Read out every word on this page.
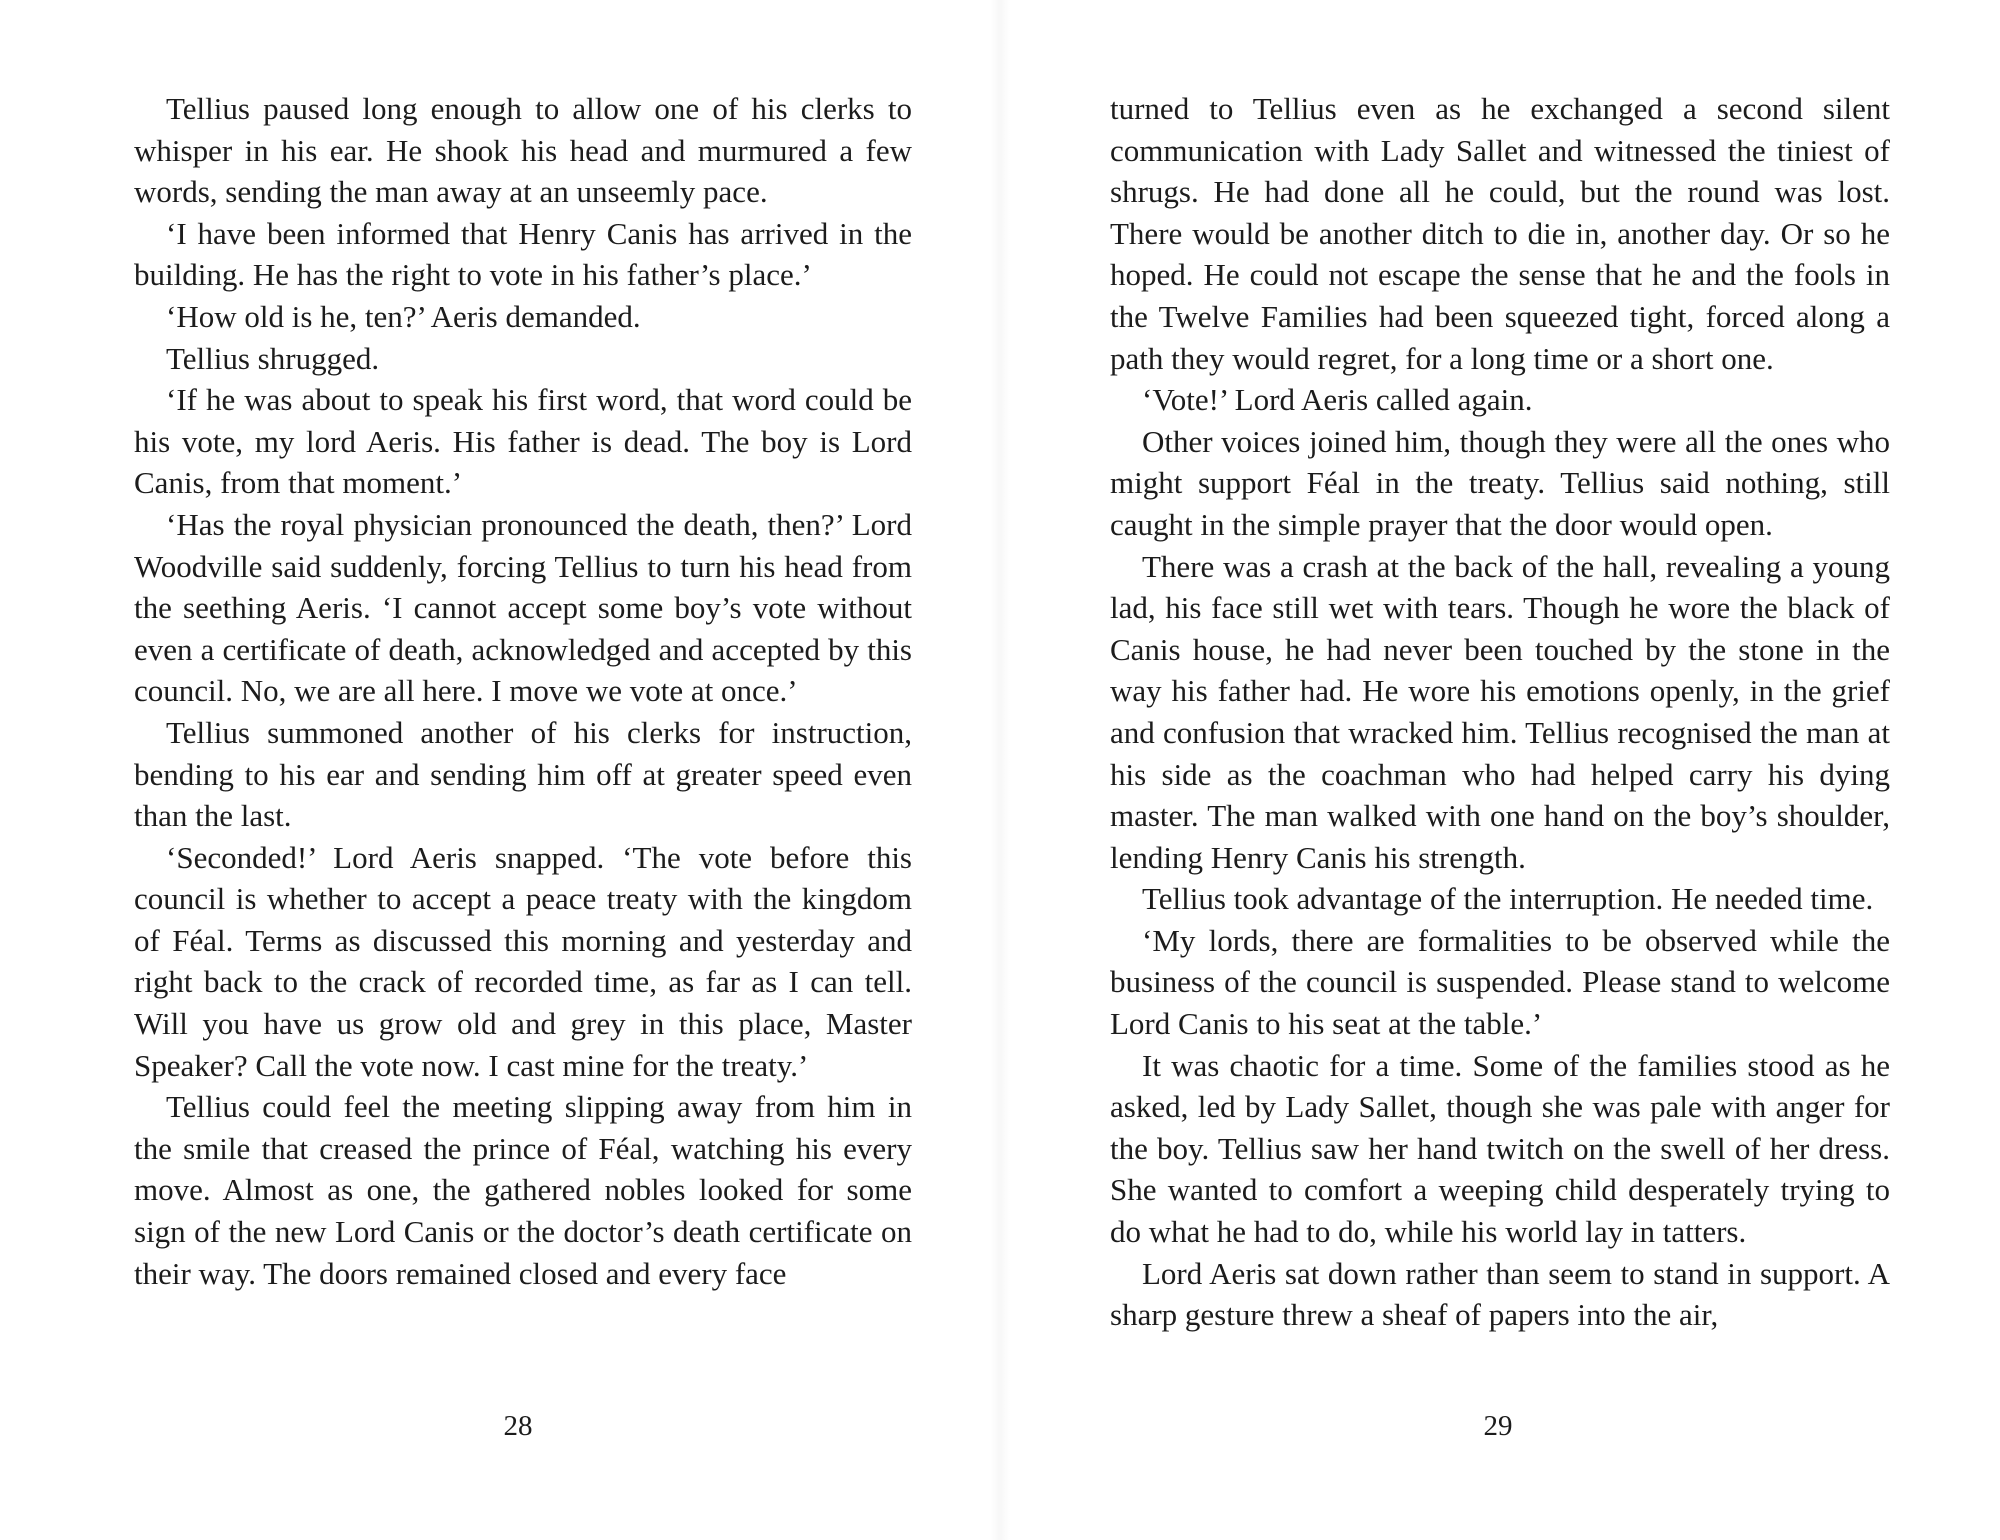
Tellius paused long enough to allow one of his clerks to whisper in his ear. He shook his head and murmured a few words, sending the man away at an unseemly pace.

‘I have been informed that Henry Canis has arrived in the building. He has the right to vote in his father’s place.’

‘How old is he, ten?’ Aeris demanded.

Tellius shrugged.

‘If he was about to speak his first word, that word could be his vote, my lord Aeris. His father is dead. The boy is Lord Canis, from that moment.’

‘Has the royal physician pronounced the death, then?’ Lord Woodville said suddenly, forcing Tellius to turn his head from the seething Aeris. ‘I cannot accept some boy’s vote without even a certificate of death, acknowledged and accepted by this council. No, we are all here. I move we vote at once.’

Tellius summoned another of his clerks for instruction, bending to his ear and sending him off at greater speed even than the last.

‘Seconded!’ Lord Aeris snapped. ‘The vote before this council is whether to accept a peace treaty with the kingdom of Féal. Terms as discussed this morning and yesterday and right back to the crack of recorded time, as far as I can tell. Will you have us grow old and grey in this place, Master Speaker? Call the vote now. I cast mine for the treaty.’

Tellius could feel the meeting slipping away from him in the smile that creased the prince of Féal, watching his every move. Almost as one, the gathered nobles looked for some sign of the new Lord Canis or the doctor’s death certificate on their way. The doors remained closed and every face

28

turned to Tellius even as he exchanged a second silent communication with Lady Sallet and witnessed the tiniest of shrugs. He had done all he could, but the round was lost. There would be another ditch to die in, another day. Or so he hoped. He could not escape the sense that he and the fools in the Twelve Families had been squeezed tight, forced along a path they would regret, for a long time or a short one.

‘Vote!’ Lord Aeris called again.

Other voices joined him, though they were all the ones who might support Féal in the treaty. Tellius said nothing, still caught in the simple prayer that the door would open.

There was a crash at the back of the hall, revealing a young lad, his face still wet with tears. Though he wore the black of Canis house, he had never been touched by the stone in the way his father had. He wore his emotions openly, in the grief and confusion that wracked him. Tellius recognised the man at his side as the coachman who had helped carry his dying master. The man walked with one hand on the boy’s shoulder, lending Henry Canis his strength.

Tellius took advantage of the interruption. He needed time.

‘My lords, there are formalities to be observed while the business of the council is suspended. Please stand to welcome Lord Canis to his seat at the table.’

It was chaotic for a time. Some of the families stood as he asked, led by Lady Sallet, though she was pale with anger for the boy. Tellius saw her hand twitch on the swell of her dress. She wanted to comfort a weeping child desperately trying to do what he had to do, while his world lay in tatters.

Lord Aeris sat down rather than seem to stand in support. A sharp gesture threw a sheaf of papers into the air,

29
